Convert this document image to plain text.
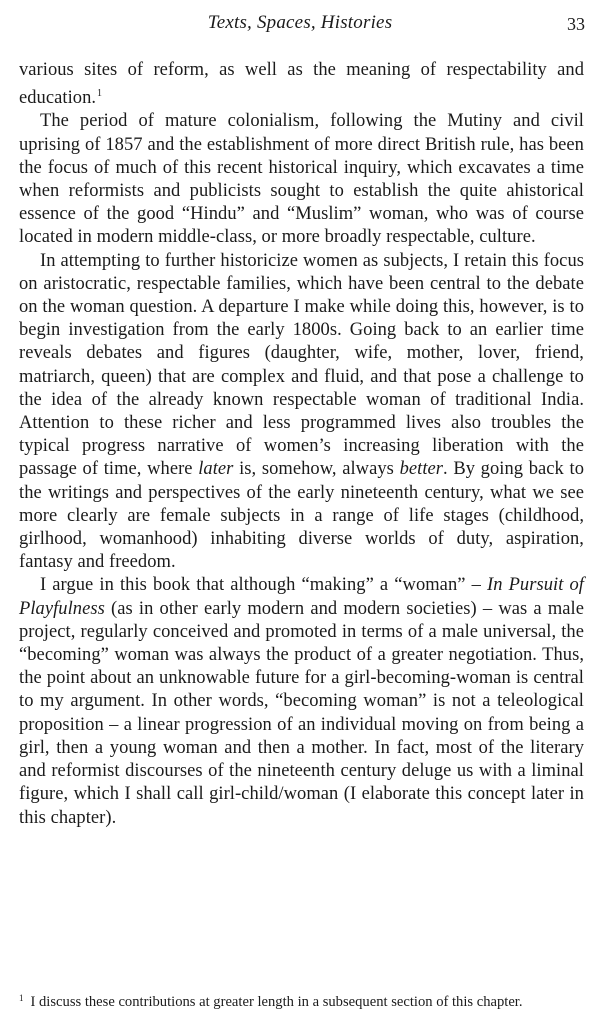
Texts, Spaces, Histories	33

various sites of reform, as well as the meaning of respectability and education.$^1$

The period of mature colonialism, following the Mutiny and civil uprising of 1857 and the establishment of more direct British rule, has been the focus of much of this recent historical inquiry, which excavates a time when reformists and publicists sought to establish the quite ahistorical essence of the good “Hindu” and “Muslim” woman, who was of course located in modern middle-class, or more broadly respectable, culture.

In attempting to further historicize women as subjects, I retain this focus on aristocratic, respectable families, which have been central to the debate on the woman question. A departure I make while doing this, however, is to begin investigation from the early 1800s. Going back to an earlier time reveals debates and figures (daughter, wife, mother, lover, friend, matriarch, queen) that are complex and fluid, and that pose a challenge to the idea of the already known respectable woman of traditional India. Attention to these richer and less programmed lives also troubles the typical progress narrative of women’s increasing liberation with the passage of time, where later is, somehow, always better. By going back to the writings and perspectives of the early nineteenth century, what we see more clearly are female subjects in a range of life stages (childhood, girlhood, womanhood) inhabiting diverse worlds of duty, aspiration, fantasy and freedom.

I argue in this book that although “making” a “woman” – In Pursuit of Playfulness (as in other early modern and modern societies) – was a male project, regularly conceived and promoted in terms of a male universal, the “becoming” woman was always the product of a greater negotiation. Thus, the point about an unknowable future for a girl-becoming-woman is central to my argument. In other words, “becoming woman” is not a teleological proposition – a linear progression of an individual moving on from being a girl, then a young woman and then a mother. In fact, most of the literary and reformist discourses of the nineteenth century deluge us with a liminal figure, which I shall call girl-child/woman (I elaborate this concept later in this chapter).

$^1$ I discuss these contributions at greater length in a subsequent section of this chapter.
